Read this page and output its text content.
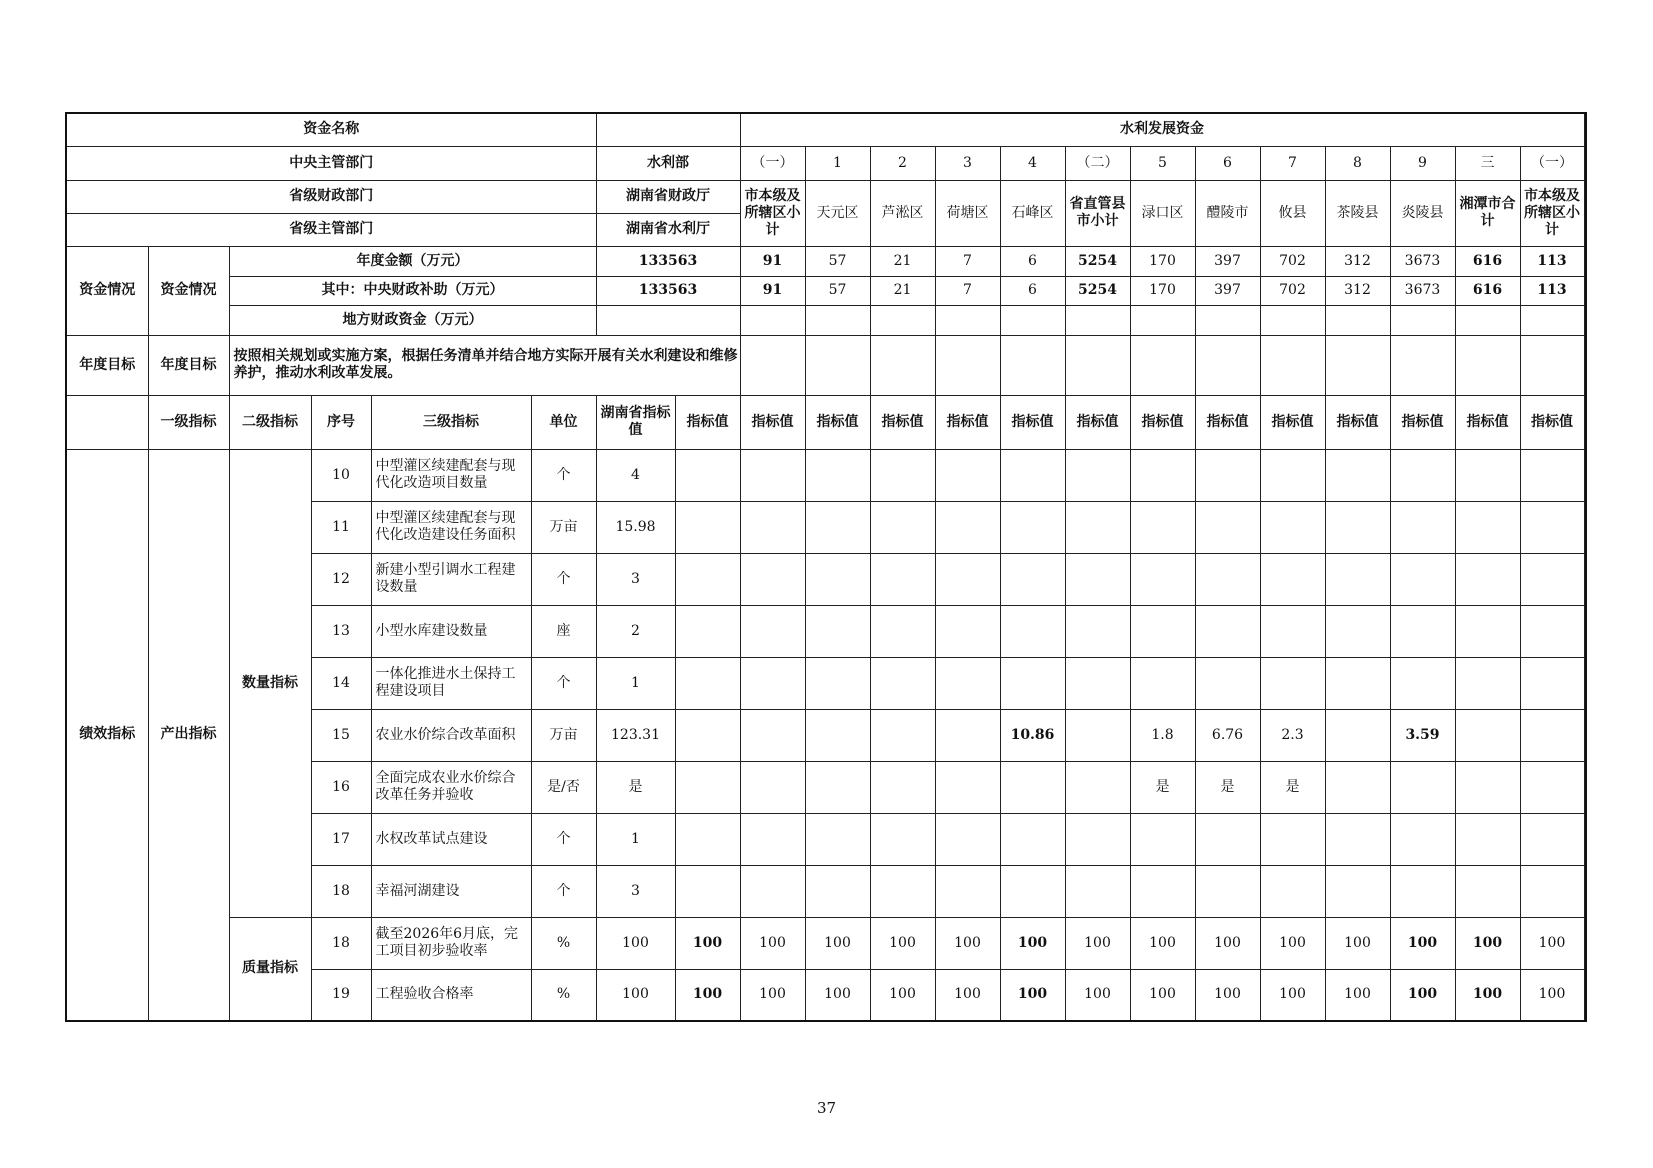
资金名称								水利发展资金													
中央主管部门						水利部		（一）	1	2	3	4	（二）	5	6	7	8	9	三	（一）	
省级财政部门						湖南省财政厅		市本级及所辖区小计	天元区	芦淞区	荷塘区	石峰区	省直管县市小计	渌口区	醴陵市	攸县	茶陵县	炎陵县	湘潭市合计	市本级及所辖区小计	
省级主管部门						湖南省水利厅															
资金情况	资金情况	年度金额（万元）				133563		91	57	21	7	6	5254	170	397	702	312	3673	616	113	
		其中：中央财政补助（万元）				133563		91	57	21	7	6	5254	170	397	702	312	3673	616	113	
		地方财政资金（万元）																			
年度目标	年度目标	按照相关规划或实施方案，根据任务清单并结合地方实际开展有关水利建设和维修养护，推动水利改革发展。																			
	一级指标	二级指标	序号	三级指标	单位	湖南省指标值	指标值	指标值	指标值	指标值	指标值	指标值	指标值	指标值	指标值	指标值	指标值	指标值	指标值	指标值	
绩效指标	产出指标	数量指标	10	中型灌区续建配套与现代化改造项目数量	个	4															
			11	中型灌区续建配套与现代化改造建设任务面积	万亩	15.98															
			12	新建小型引调水工程建设数量	个	3															
			13	小型水库建设数量	座	2															
			14	一体化推进水土保持工程建设项目	个	1															
			15	农业水价综合改革面积	万亩	123.31						10.86		1.8	6.76	2.3		3.59			
			16	全面完成农业水价综合改革任务并验收	是/否	是								是	是	是					
			17	水权改革试点建设	个	1															
			18	幸福河湖建设	个	3															
		质量指标	18	截至2026年6月底，完工项目初步验收率	%	100	100	100	100	100	100	100	100	100	100	100	100	100	100	100	
			19	工程验收合格率	%	100	100	100	100	100	100	100	100	100	100	100	100	100	100	100	
37
